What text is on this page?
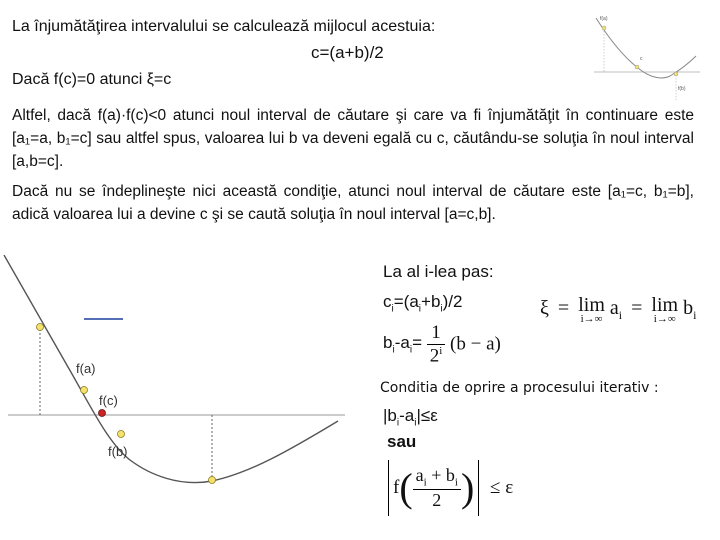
La înjumătăţirea intervalului se calculează mijlocul acestuia:
c=(a+b)/2
Dacă f(c)=0 atunci ξ=c
Altfel, dacă f(a)·f(c)<0 atunci noul interval de căutare şi care va fi înjumătăţit în continuare este [a₁=a, b₁=c] sau altfel spus, valoarea lui b va deveni egală cu c, căutându-se soluţia în noul interval [a,b=c].
Dacă nu se îndeplineşte nici această condiţie, atunci noul interval de căutare este [a₁=c, b₁=b], adică valoarea lui a devine c şi se caută soluţia în noul interval [a=c,b].
f(a)
c
f(b)
f(a)
f(c)
f(b)
La al i-lea pas:
$c_i=(a_i+b_i)/2$
$b_i-a_i= \frac{1}{2^i} (b - a)$
ξ = lim
i→∞ $a_i = \lim$
i→∞ $b_i$
Conditia de oprire a procesului iterativ :
$|b_i-a_i|\le\varepsilon$
sau
$f( \frac{a_i + b_i}{2}$ ) ≤ ε
